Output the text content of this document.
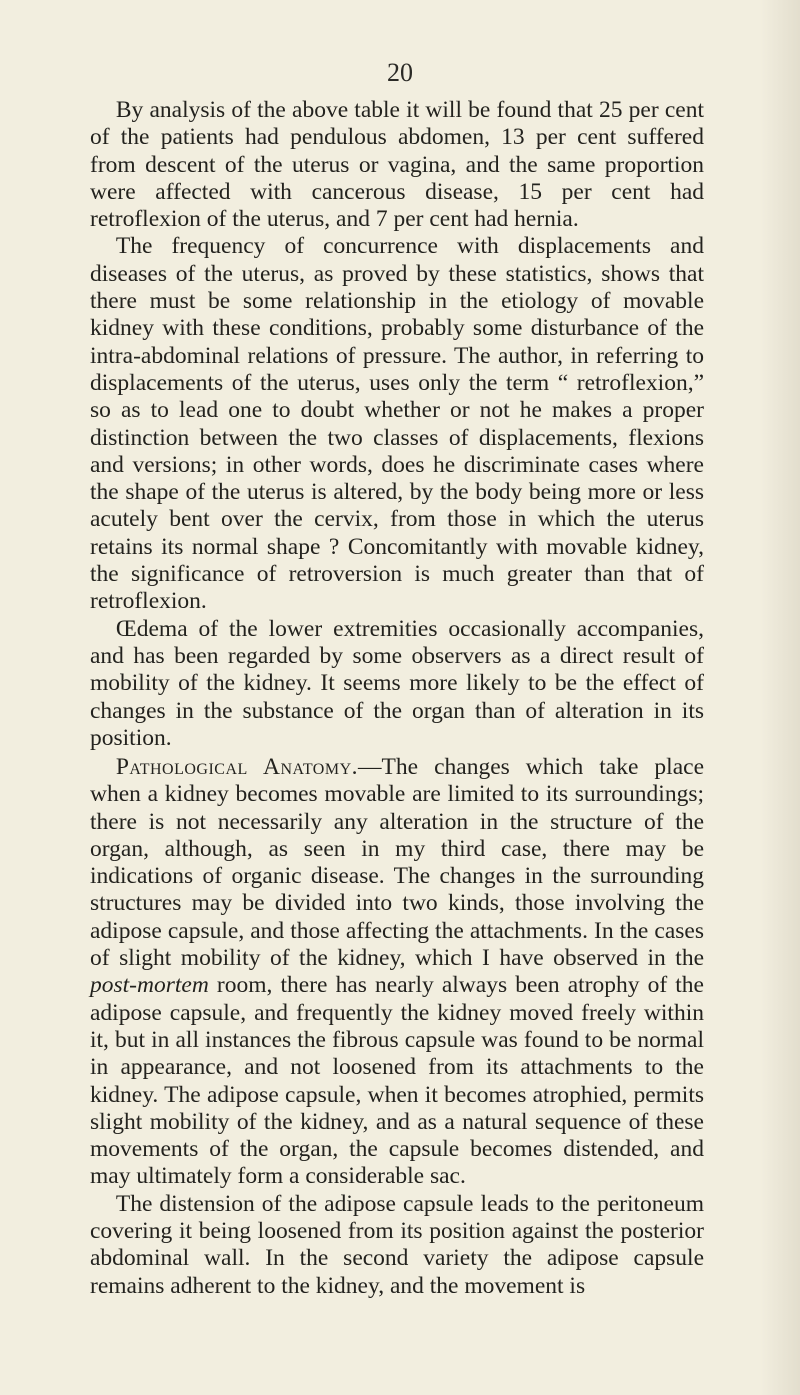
20

By analysis of the above table it will be found that 25 per cent of the patients had pendulous abdomen, 13 per cent suffered from descent of the uterus or vagina, and the same proportion were affected with cancerous disease, 15 per cent had retroflexion of the uterus, and 7 per cent had hernia.

The frequency of concurrence with displacements and diseases of the uterus, as proved by these statistics, shows that there must be some relationship in the etiology of movable kidney with these conditions, probably some disturbance of the intra-abdominal relations of pressure. The author, in referring to displacements of the uterus, uses only the term “ retroflexion,” so as to lead one to doubt whether or not he makes a proper distinction between the two classes of displacements, flexions and versions; in other words, does he discriminate cases where the shape of the uterus is altered, by the body being more or less acutely bent over the cervix, from those in which the uterus retains its normal shape ? Concomitantly with movable kidney, the significance of retroversion is much greater than that of retroflexion.

Œdema of the lower extremities occasionally accompanies, and has been regarded by some observers as a direct result of mobility of the kidney. It seems more likely to be the effect of changes in the substance of the organ than of alteration in its position.

Pathological Anatomy.—The changes which take place when a kidney becomes movable are limited to its surroundings; there is not necessarily any alteration in the structure of the organ, although, as seen in my third case, there may be indications of organic disease. The changes in the surrounding structures may be divided into two kinds, those involving the adipose capsule, and those affecting the attachments. In the cases of slight mobility of the kidney, which I have observed in the post-mortem room, there has nearly always been atrophy of the adipose capsule, and frequently the kidney moved freely within it, but in all instances the fibrous capsule was found to be normal in appearance, and not loosened from its attachments to the kidney. The adipose capsule, when it becomes atrophied, permits slight mobility of the kidney, and as a natural sequence of these movements of the organ, the capsule becomes distended, and may ultimately form a considerable sac.

The distension of the adipose capsule leads to the peritoneum covering it being loosened from its position against the posterior abdominal wall. In the second variety the adipose capsule remains adherent to the kidney, and the movement is
